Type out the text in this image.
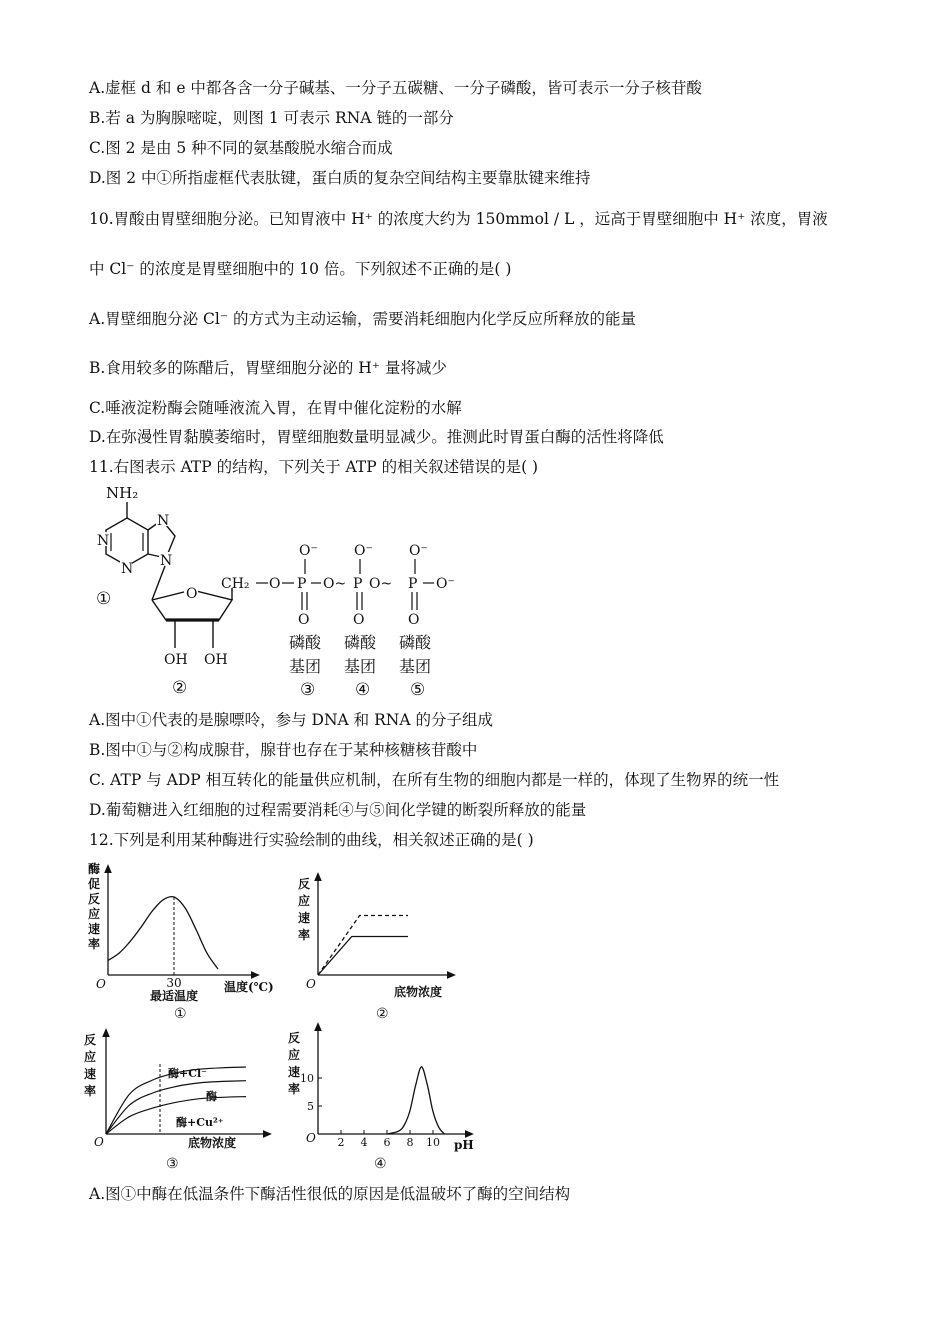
A.虚框 d 和 e 中都各含一分子碱基、一分子五碳糖、一分子磷酸，皆可表示一分子核苷酸
B.若 a 为胸腺嘧啶，则图 1 可表示 RNA 链的一部分
C.图 2 是由 5 种不同的氨基酸脱水缩合而成
D.图 2 中①所指虚框代表肽键，蛋白质的复杂空间结构主要靠肽键来维持
10.胃酸由胃壁细胞分泌。已知胃液中 H⁺ 的浓度大约为 150mmol / L ，远高于胃壁细胞中 H⁺ 浓度，胃液
中 Cl⁻ 的浓度是胃壁细胞中的 10 倍。下列叙述不正确的是( )
A.胃壁细胞分泌 Cl⁻ 的方式为主动运输，需要消耗细胞内化学反应所释放的能量
B.食用较多的陈醋后，胃壁细胞分泌的 H⁺ 量将减少
C.唾液淀粉酶会随唾液流入胃，在胃中催化淀粉的水解
D.在弥漫性胃黏膜萎缩时，胃壁细胞数量明显减少。推测此时胃蛋白酶的活性将降低
11.右图表示 ATP 的结构，下列关于 ATP 的相关叙述错误的是( )
NH₂
N
N
N
N
①	O
OH OH
②
CH₂ O
O⁻
P
O
O~
O⁻
P
O
O~
O⁻
P
O
O⁻
磷酸
基团
③
磷酸
基团
④
磷酸
基团
⑤
A.图中①代表的是腺嘌呤，参与 DNA 和 RNA 的分子组成
B.图中①与②构成腺苷，腺苷也存在于某种核糖核苷酸中
C. ATP 与 ADP 相互转化的能量供应机制，在所有生物的细胞内都是一样的，体现了生物界的统一性
D.葡萄糖进入红细胞的过程需要消耗④与⑤间化学键的断裂所释放的能量
12.下列是利用某种酶进行实验绘制的曲线，相关叙述正确的是( )
酶
促
反
应
速
率
O	30
最适温度
温度(℃)
①
反
应
速
率
O
底物浓度
②
反
应
速
率
O
酶+Cl⁻
酶
酶+Cu²⁺
底物浓度
③
反
应
速
率
O 2 4 6 8 10
5
10
pH
④
A.图①中酶在低温条件下酶活性很低的原因是低温破坏了酶的空间结构
